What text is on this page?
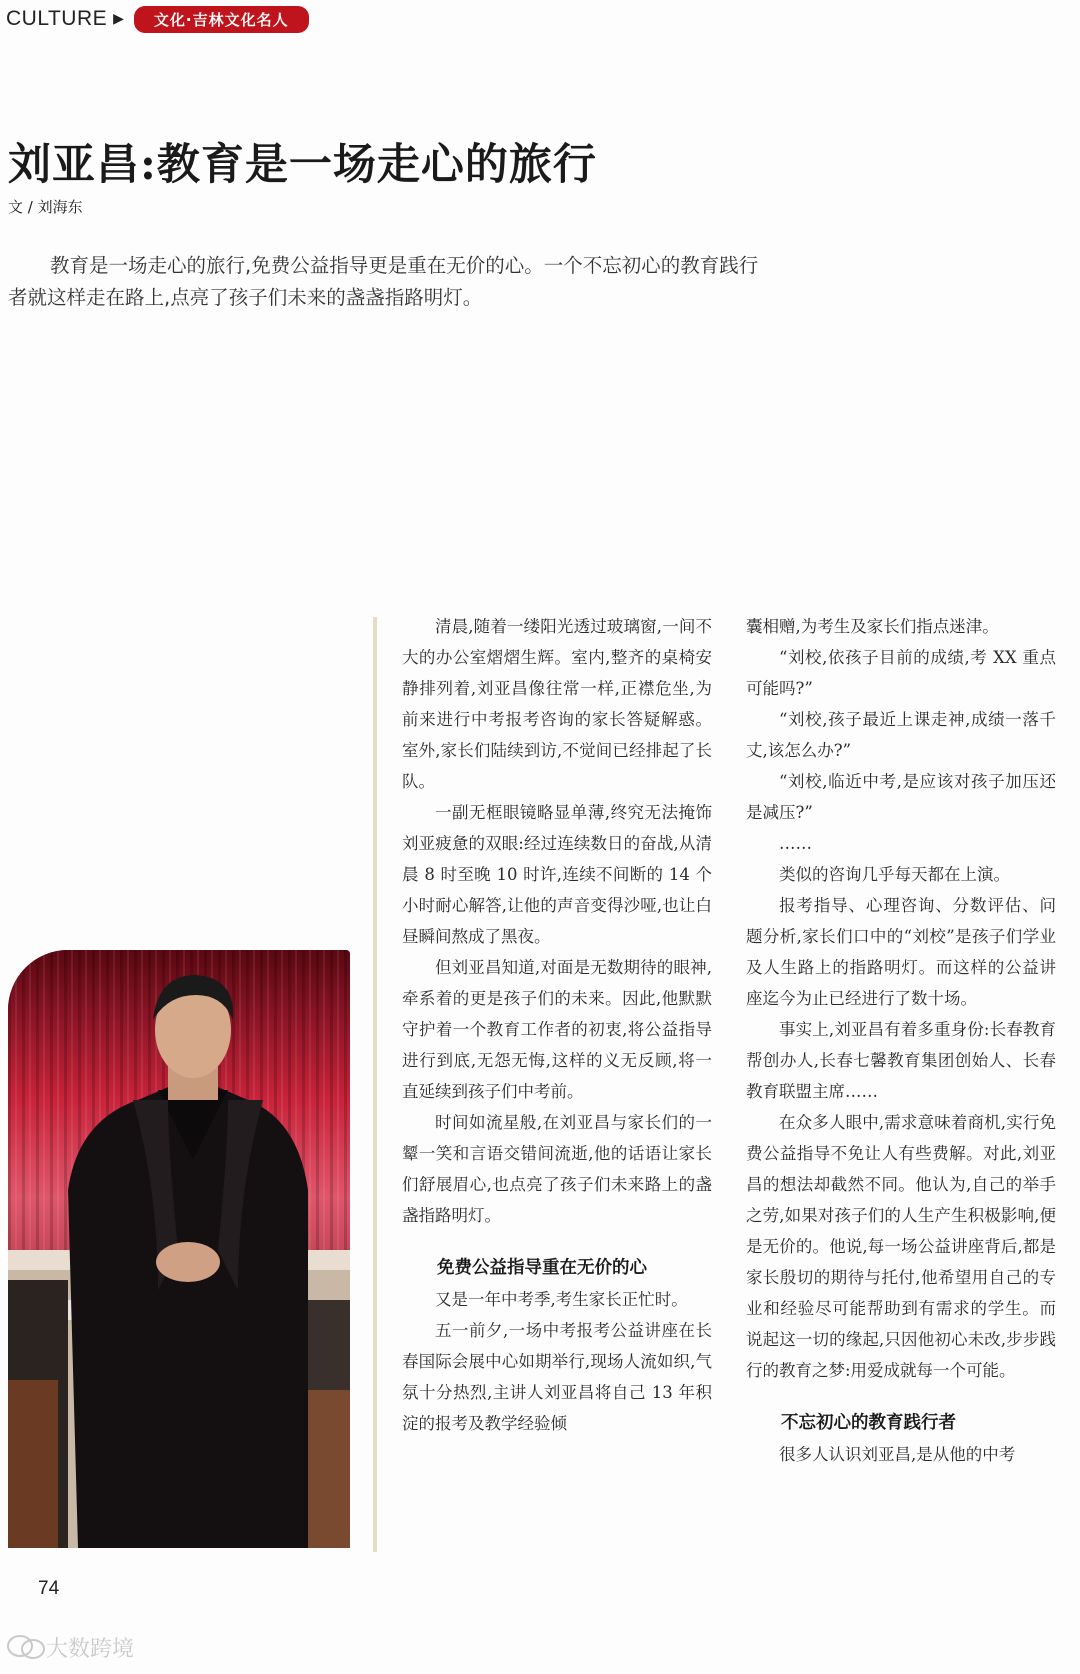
CULTURE ▶	文化·吉林文化名人
刘亚昌:教育是一场走心的旅行
文 / 刘海东
教育是一场走心的旅行,免费公益指导更是重在无价的心。一个不忘初心的教育践行
者就这样走在路上,点亮了孩子们未来的盏盏指路明灯。

清晨,随着一缕阳光透过玻璃窗,一间不大的办公室熠熠生辉。室内,整齐的桌椅安静排列着,刘亚昌像往常一样,正襟危坐,为前来进行中考报考咨询的家长答疑解惑。室外,家长们陆续到访,不觉间已经排起了长队。

一副无框眼镜略显单薄,终究无法掩饰刘亚疲惫的双眼:经过连续数日的奋战,从清晨 8 时至晚 10 时许,连续不间断的 14 个小时耐心解答,让他的声音变得沙哑,也让白昼瞬间熬成了黑夜。

但刘亚昌知道,对面是无数期待的眼神,牵系着的更是孩子们的未来。因此,他默默守护着一个教育工作者的初衷,将公益指导进行到底,无怨无悔,这样的义无反顾,将一直延续到孩子们中考前。

时间如流星般,在刘亚昌与家长们的一颦一笑和言语交错间流逝,他的话语让家长们舒展眉心,也点亮了孩子们未来路上的盏盏指路明灯。

免费公益指导重在无价的心

又是一年中考季,考生家长正忙时。

五一前夕,一场中考报考公益讲座在长春国际会展中心如期举行,现场人流如织,气氛十分热烈,主讲人刘亚昌将自己 13 年积淀的报考及教学经验倾

囊相赠,为考生及家长们指点迷津。

“刘校,依孩子目前的成绩,考 XX 重点可能吗?”

“刘校,孩子最近上课走神,成绩一落千丈,该怎么办?”

“刘校,临近中考,是应该对孩子加压还是减压?”

……

类似的咨询几乎每天都在上演。

报考指导、心理咨询、分数评估、问题分析,家长们口中的“刘校”是孩子们学业及人生路上的指路明灯。而这样的公益讲座迄今为止已经进行了数十场。

事实上,刘亚昌有着多重身份:长春教育帮创办人,长春七馨教育集团创始人、长春教育联盟主席……

在众多人眼中,需求意味着商机,实行免费公益指导不免让人有些费解。对此,刘亚昌的想法却截然不同。他认为,自己的举手之劳,如果对孩子们的人生产生积极影响,便是无价的。他说,每一场公益讲座背后,都是家长殷切的期待与托付,他希望用自己的专业和经验尽可能帮助到有需求的学生。而说起这一切的缘起,只因他初心未改,步步践行的教育之梦:用爱成就每一个可能。

不忘初心的教育践行者

很多人认识刘亚昌,是从他的中考

74
大数跨境
